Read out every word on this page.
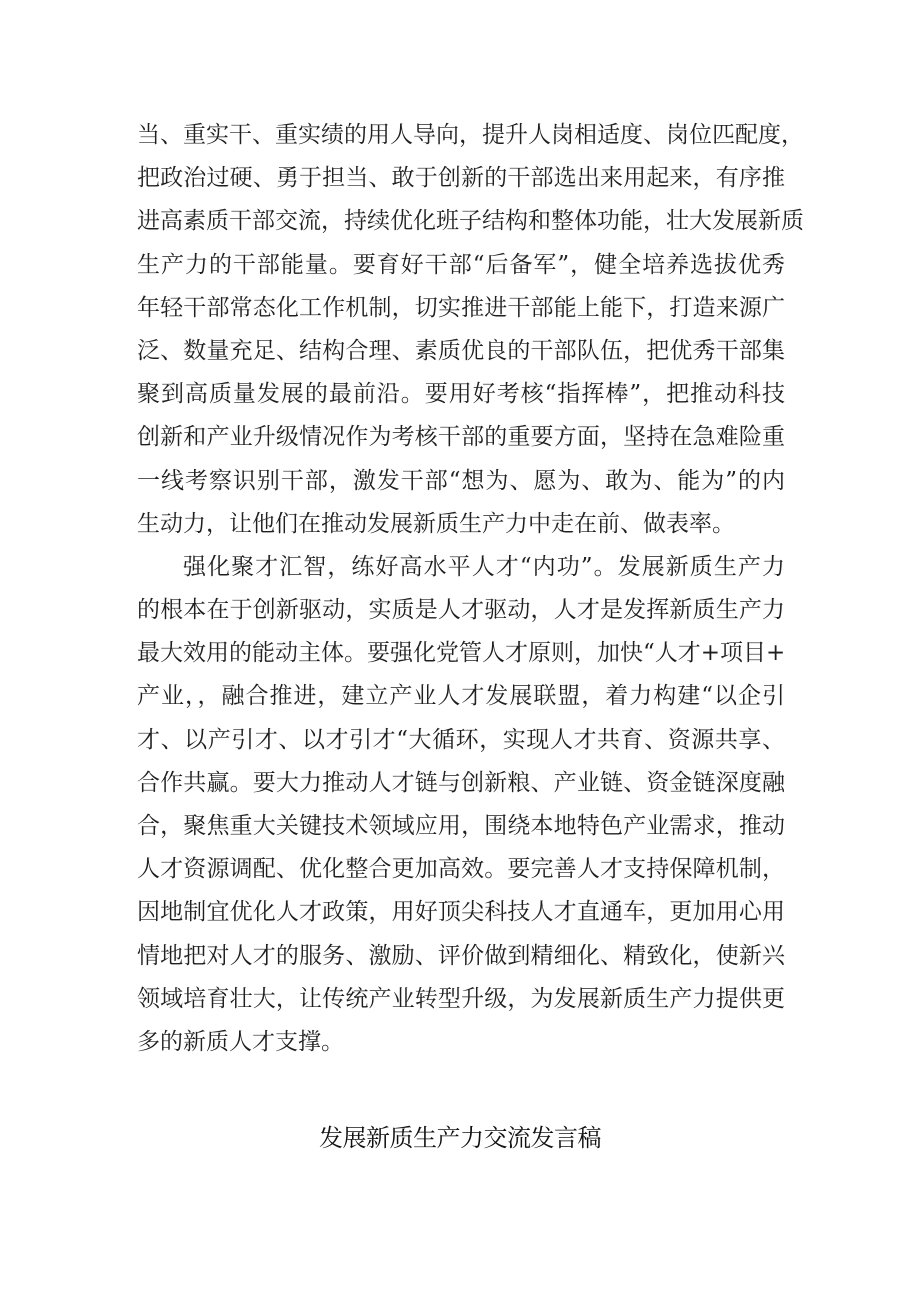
当、重实干、重实绩的用人导向，提升人岗相适度、岗位匹配度，
把政治过硬、勇于担当、敢于创新的干部选出来用起来，有序推
进高素质干部交流，持续优化班子结构和整体功能，壮大发展新质
生产力的干部能量。要育好干部“后备军”，健全培养选拔优秀
年轻干部常态化工作机制，切实推进干部能上能下，打造来源广
泛、数量充足、结构合理、素质优良的干部队伍，把优秀干部集
聚到高质量发展的最前沿。要用好考核“指挥棒”，把推动科技
创新和产业升级情况作为考核干部的重要方面，坚持在急难险重
一线考察识别干部，激发干部“想为、愿为、敢为、能为”的内
生动力，让他们在推动发展新质生产力中走在前、做表率。
强化聚才汇智，练好高水平人才“内功”。发展新质生产力
的根本在于创新驱动，实质是人才驱动，人才是发挥新质生产力
最大效用的能动主体。要强化党管人才原则，加快“人才+项目+
产业，，融合推进，建立产业人才发展联盟，着力构建“以企引
才、以产引才、以才引才“大循环，实现人才共育、资源共享、
合作共赢。要大力推动人才链与创新粮、产业链、资金链深度融
合，聚焦重大关键技术领域应用，围绕本地特色产业需求，推动
人才资源调配、优化整合更加高效。要完善人才支持保障机制，
因地制宜优化人才政策，用好顶尖科技人才直通车，更加用心用
情地把对人才的服务、激励、评价做到精细化、精致化，使新兴
领域培育壮大，让传统产业转型升级，为发展新质生产力提供更
多的新质人才支撑。
发展新质生产力交流发言稿
